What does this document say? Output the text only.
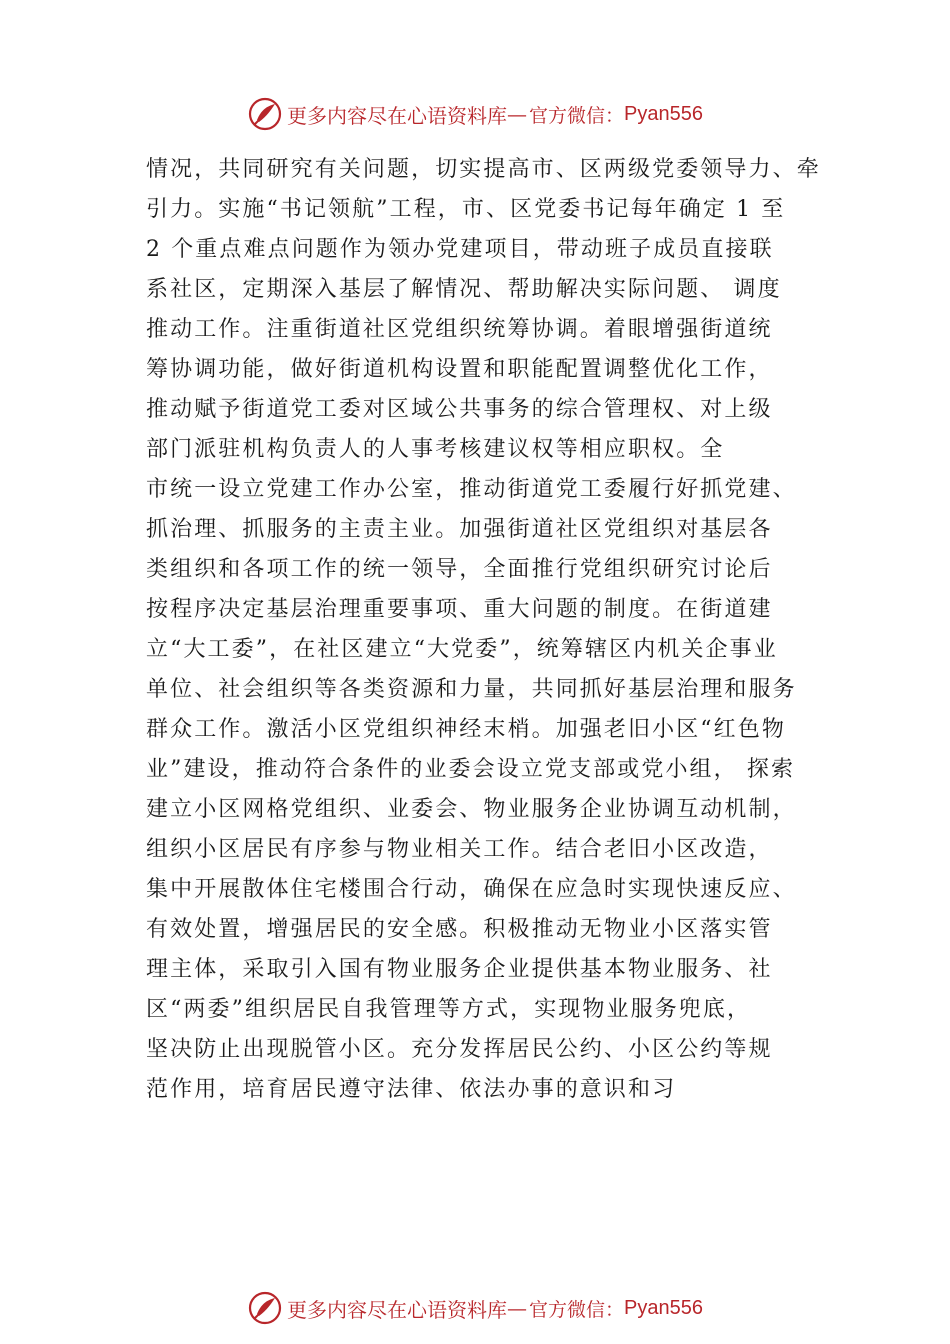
更多内容尽在心语资料库 — 官方微信： Pyan556
情况，共同研究有关问题，切实提高市、区两级党委领导力、牵
引力。实施“书记领航”工程，市、区党委书记每年确定 1 至
2 个重点难点问题作为领办党建项目，带动班子成员直接联
系社区，定期深入基层了解情况、帮助解决实际问题、 调度
推动工作。注重街道社区党组织统筹协调。着眼增强街道统
筹协调功能，做好街道机构设置和职能配置调整优化工作，
推动赋予街道党工委对区域公共事务的综合管理权、对上级
部门派驻机构负责人的人事考核建议权等相应职权。全
市统一设立党建工作办公室，推动街道党工委履行好抓党建、
抓治理、抓服务的主责主业。加强街道社区党组织对基层各
类组织和各项工作的统一领导，全面推行党组织研究讨论后
按程序决定基层治理重要事项、重大问题的制度。在街道建
立“大工委”，在社区建立“大党委”，统筹辖区内机关企事业
单位、社会组织等各类资源和力量，共同抓好基层治理和服务
群众工作。激活小区党组织神经末梢。加强老旧小区“红色物
业”建设，推动符合条件的业委会设立党支部或党小组， 探索
建立小区网格党组织、业委会、物业服务企业协调互动机制，
组织小区居民有序参与物业相关工作。结合老旧小区改造，
集中开展散体住宅楼围合行动，确保在应急时实现快速反应、
有效处置，增强居民的安全感。积极推动无物业小区落实管
理主体，采取引入国有物业服务企业提供基本物业服务、社
区“两委”组织居民自我管理等方式，实现物业服务兜底，
坚决防止出现脱管小区。充分发挥居民公约、小区公约等规
范作用，培育居民遵守法律、依法办事的意识和习
更多内容尽在心语资料库 — 官方微信： Pyan556
